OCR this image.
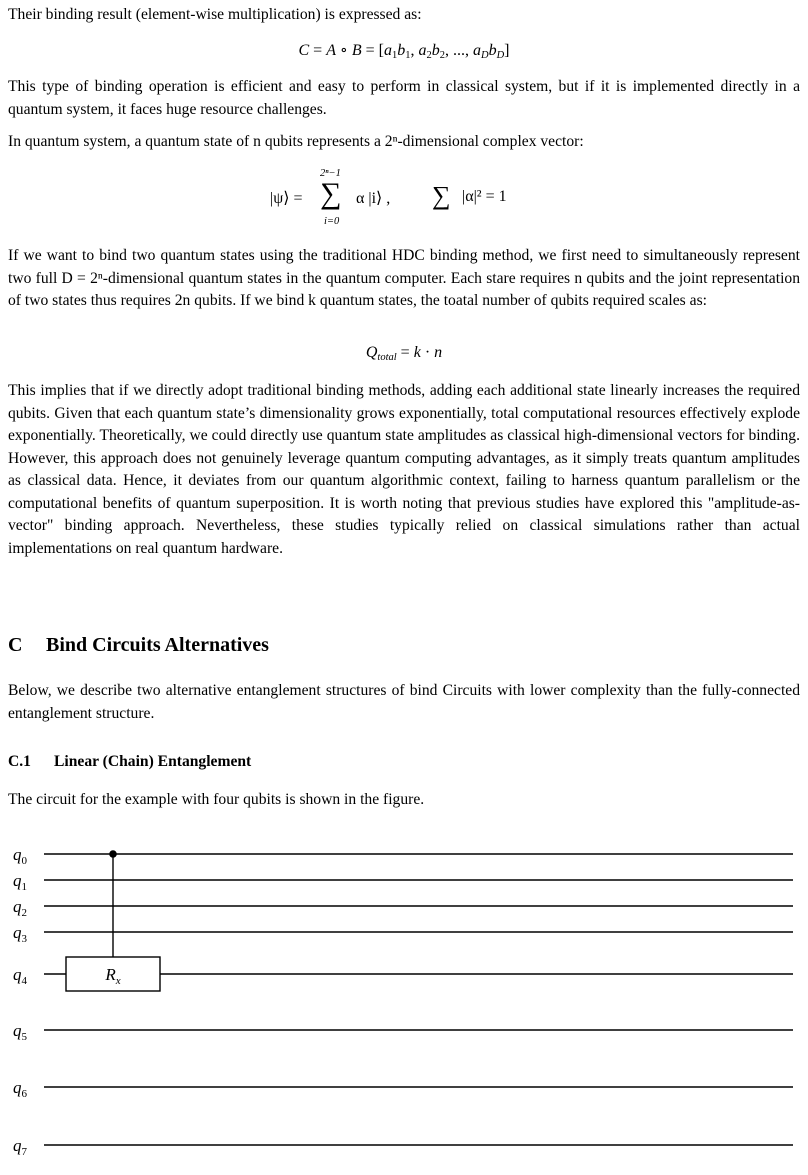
Their binding result (element-wise multiplication) is expressed as:

C = A ∘ $B = [a_1b_1$, $a_2b_2$, ..., $a_Db_D$]

This type of binding operation is efficient and easy to perform in classical system, but if it is implemented directly in a quantum system, it faces huge resource challenges.

In quantum system, a quantum state of n qubits represents a 2ⁿ-dimensional complex vector:

|ψ⟩ =
2ⁿ−1
∑
i=0
α |i⟩ , ∑ |α|² = 1

If we want to bind two quantum states using the traditional HDC binding method, we first need to simultaneously represent two full D = 2ⁿ-dimensional quantum states in the quantum computer. Each stare requires n qubits and the joint representation of two states thus requires 2n qubits. If we bind k quantum states, the toatal number of qubits required scales as:

$Q_{total} = k \cdot n$

This implies that if we directly adopt traditional binding methods, adding each additional state linearly increases the required qubits. Given that each quantum state’s dimensionality grows exponentially, total computational resources effectively explode exponentially. Theoretically, we could directly use quantum state amplitudes as classical high-dimensional vectors for binding. However, this approach does not genuinely leverage quantum computing advantages, as it simply treats quantum amplitudes as classical data. Hence, it deviates from our quantum algorithmic context, failing to harness quantum parallelism or the computational benefits of quantum superposition. It is worth noting that previous studies have explored this "amplitude-as-vector" binding approach. Nevertheless, these studies typically relied on classical simulations rather than actual implementations on real quantum hardware.

C Bind Circuits Alternatives

Below, we describe two alternative entanglement structures of bind Circuits with lower complexity than the fully-connected entanglement structure.

C.1 Linear (Chain) Entanglement

The circuit for the example with four qubits is shown in the figure.

$q_0$
$q_1$
$q_2$
$q_3$
$q_4$
$q_5$
$q_6$
$q_7$
$R_x$
